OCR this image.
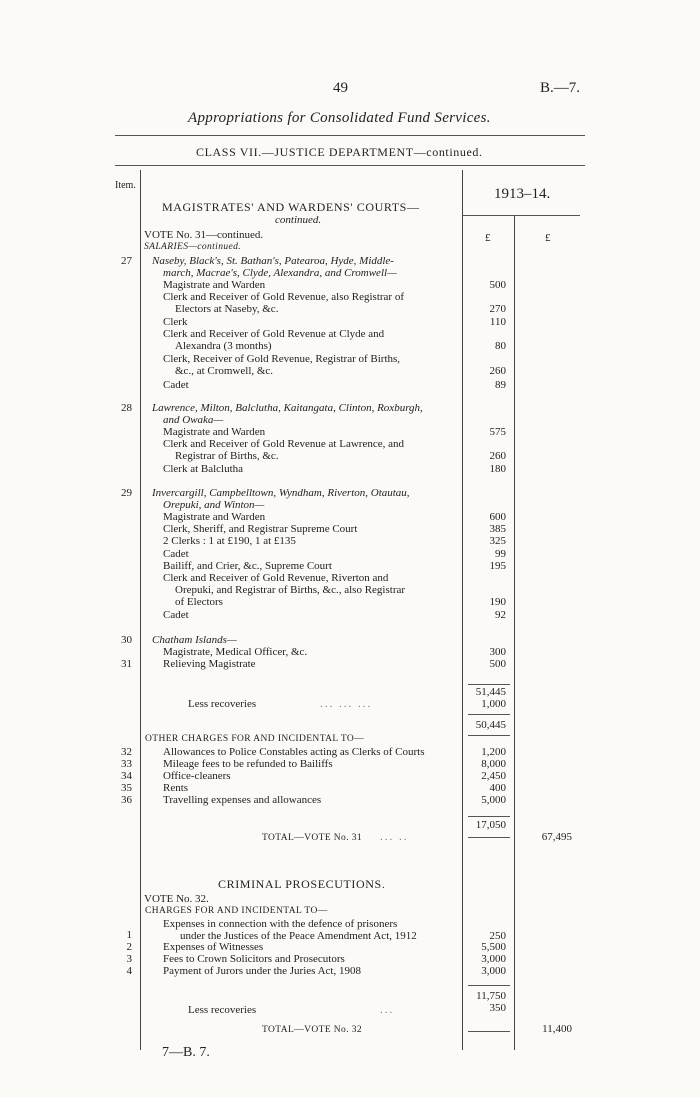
49	B.—7.
Appropriations for Consolidated Fund Services.
CLASS VII.—JUSTICE DEPARTMENT—continued.
Item.
1913–14.
£	£
MAGISTRATES' AND WARDENS' COURTS—
continued.
VOTE No. 31—continued.
SALARIES—continued.
27 Naseby, Black's, St. Bathan's, Patearoa, Hyde, Middle-
march, Macrae's, Clyde, Alexandra, and Cromwell—
Magistrate and Warden	500
Clerk and Receiver of Gold Revenue, also Registrar of
Electors at Naseby, &c.	270
Clerk	110
Clerk and Receiver of Gold Revenue at Clyde and
Alexandra (3 months)	80
Clerk, Receiver of Gold Revenue, Registrar of Births,
&c., at Cromwell, &c.	260
Cadet	89
28 Lawrence, Milton, Balclutha, Kaitangata, Clinton, Roxburgh,
and Owaka—
Magistrate and Warden	575
Clerk and Receiver of Gold Revenue at Lawrence, and
Registrar of Births, &c.	260
Clerk at Balclutha	180
29 Invercargill, Campbelltown, Wyndham, Riverton, Otautau,
Orepuki, and Winton—
Magistrate and Warden	600
Clerk, Sheriff, and Registrar Supreme Court	385
2 Clerks : 1 at £190, 1 at £135	325
Cadet	99
Bailiff, and Crier, &c., Supreme Court	195
Clerk and Receiver of Gold Revenue, Riverton and
Orepuki, and Registrar of Births, &c., also Registrar
of Electors	190
Cadet	92
30 Chatham Islands—
Magistrate, Medical Officer, &c.	300
31	Relieving Magistrate	500
51,445
Less recoveries	... ... ...	1,000
50,445
OTHER CHARGES FOR AND INCIDENTAL TO—
32	Allowances to Police Constables acting as Clerks of Courts	1,200
33	Mileage fees to be refunded to Bailiffs	8,000
34	Office-cleaners	2,450
35	Rents	400
36	Travelling expenses and allowances	5,000
17,050
TOTAL—VOTE No. 31 ... ..	67,495
CRIMINAL PROSECUTIONS.
VOTE No. 32.
CHARGES FOR AND INCIDENTAL TO—
1
Expenses in connection with the defence of prisoners
under the Justices of the Peace Amendment Act, 1912	250
2	Expenses of Witnesses	5,500
3	Fees to Crown Solicitors and Prosecutors	3,000
4	Payment of Jurors under the Juries Act, 1908	3,000
11,750
Less recoveries	...	350
TOTAL—VOTE No. 32	11,400
7—B. 7.
